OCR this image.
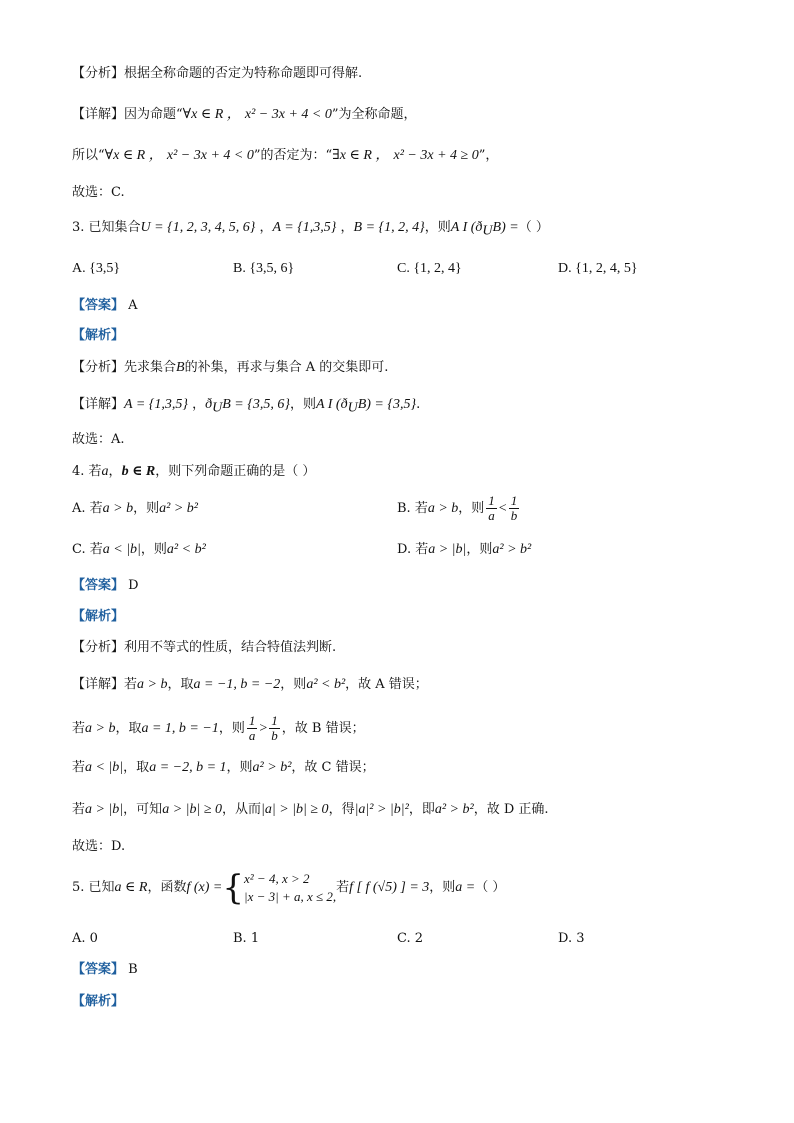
【分析】根据全称命题的否定为特称命题即可得解.
【详解】因为命题“∀x ∈ R ， x² − 3x + 4 < 0”为全称命题，
所以“∀x ∈ R ， x² − 3x + 4 < 0”的否定为：“∃x ∈ R ， x² − 3x + 4 ≥ 0”，
故选：C.
3. 已知集合U = {1, 2, 3, 4, 5, 6} ，A = {1,3,5} ，B = {1, 2, 4}，则A I $(ð_UB)$ =（ ）
A. {3,5}	B. {3,5, 6}	C. {1, 2, 4}	D. {1, 2, 4, 5}
【答案】 A
【解析】
【分析】先求集合B的补集，再求与集合 A 的交集即可.
【详解】A = {1,3,5} ，$ð_UB = \{3,5$, 6}，则A I $(ð_UB) = \{3,5\}$.
故选：A.
4. 若a，b ∈ R，则下列命题正确的是（ ）
A. 若a > b，则a² > b²	B. 若a > b，则 $\frac{1}{a} < \frac{1}{b}$
C. 若a < |b|，则a² < b²	D. 若a > |b|，则a² > b²
【答案】 D
【解析】
【分析】利用不等式的性质，结合特值法判断.
【详解】若a > b，取a = −1, b = −2，则a² < b²，故 A 错误；
若a > b，取a = 1, b = −1，则 $\frac{1}{a} > \frac{1}{b}$ ，故 B 错误；
若a < |b|，取a = −2, b = 1，则a² > b²，故 C 错误；
若a > |b|，可知a > |b| ≥ 0，从而|a| > |b| ≥ 0，得|a|² > |b|²，即a² > b²，故 D 正确.
故选：D.
5. 已知a ∈ R，函数f (x) ={ x² − 4, x > 2
|x − 3| + a, x ≤ 2,
若f [ f (√5) ] = 3，则a =（ ）
A. 0	B. 1	C. 2	D. 3
【答案】 B
【解析】
